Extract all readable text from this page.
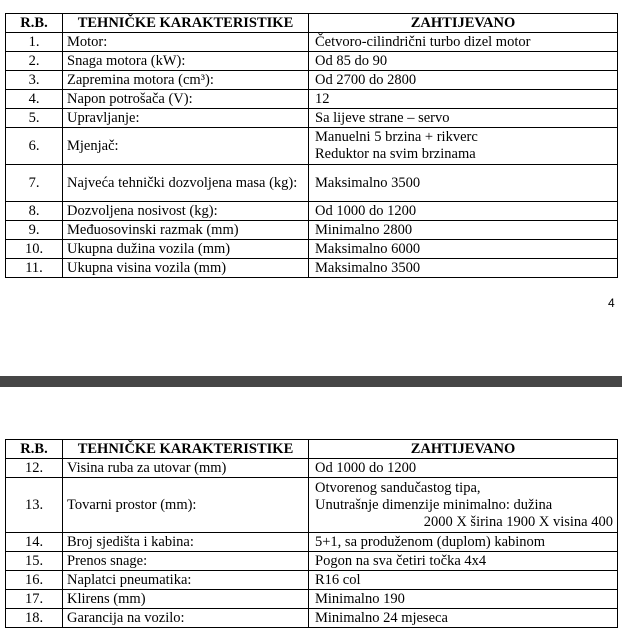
R.B.	TEHNIČKE KARAKTERISTIKE	ZAHTIJEVANO
1.	Motor:	Četvoro-cilindrični turbo dizel motor

2.	Snaga motora (kW):	Od 85 do 90

3.	Zapremina motora (cm³):	Od 2700 do 2800

4.	Napon potrošača (V):	12

5.	Upravljanje:	Sa lijeve strane – servo

6.	Mjenjač:	Manuelni 5 brzina + rikverc
Reduktor na svim brzinama

7.	Najveća tehnički dozvoljena masa (kg):	Maksimalno 3500

8.	Dozvoljena nosivost (kg):	Od 1000 do 1200

9.	Međuosovinski razmak (mm)	Minimalno 2800

10.	Ukupna dužina vozila (mm)	Maksimalno 6000

11.	Ukupna visina vozila (mm)	Maksimalno 3500
4
R.B.	TEHNIČKE KARAKTERISTIKE	ZAHTIJEVANO
12.	Visina ruba za utovar (mm)	Od 1000 do 1200

13.	Tovarni prostor (mm):	Otvorenog sandučastog tipa,
Unutrašnje dimenzije minimalno: dužina
2000 X širina 1900 X visina 400

14.	Broj sjedišta i kabina:	5+1, sa produženom (duplom) kabinom

15.	Prenos snage:	Pogon na sva četiri točka 4x4

16.	Naplatci pneumatika:	R16 col

17.	Klirens (mm)	Minimalno 190

18.	Garancija na vozilo:	Minimalno 24 mjeseca
